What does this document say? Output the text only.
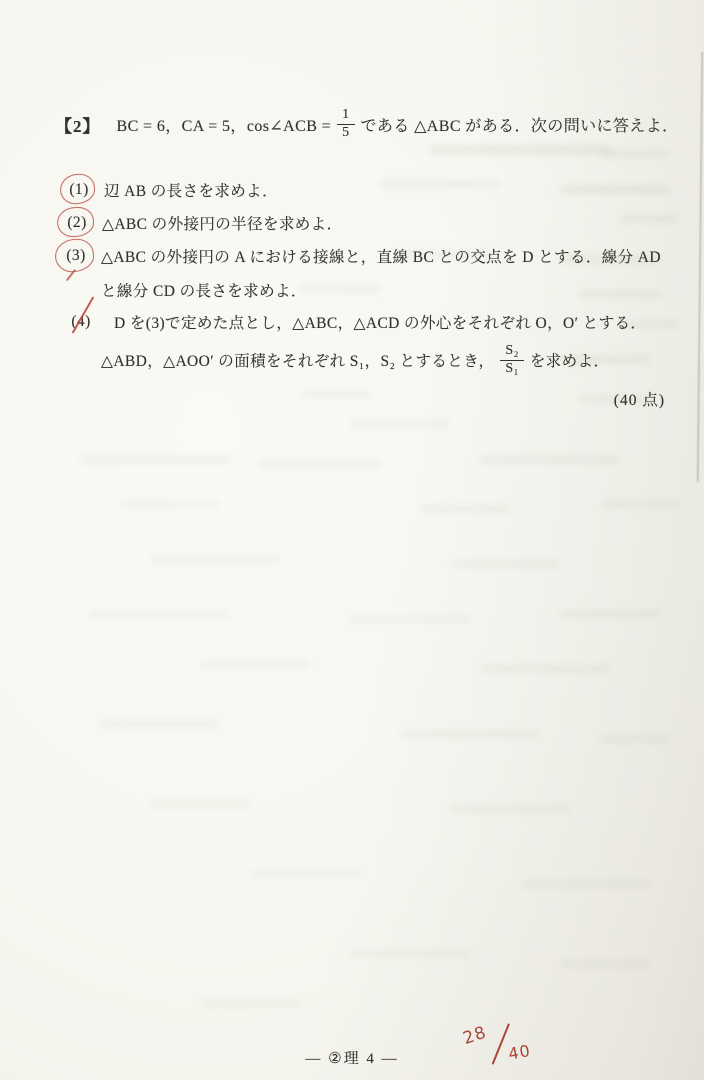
【2】 BC = 6，CA = 5，cos∠ACB = $\frac{1}{5}$ である △ABC がある．次の問いに答えよ．
(1) 辺 AB の長さを求めよ．
(2) △ABC の外接円の半径を求めよ．
(3) △ABC の外接円の A における接線と，直線 BC との交点を D とする．線分 AD
と線分 CD の長さを求めよ．
(4)	D を(3)で定めた点とし，△ABC，△ACD の外心をそれぞれ O，O′ とする．
△ABD，△AOO′ の面積をそれぞれ S₁，S₂ とするとき， $\frac{\text{S₂}}{\text{S₁}}$ を求めよ．
(40 点)
— ②理 4 —
28
40
